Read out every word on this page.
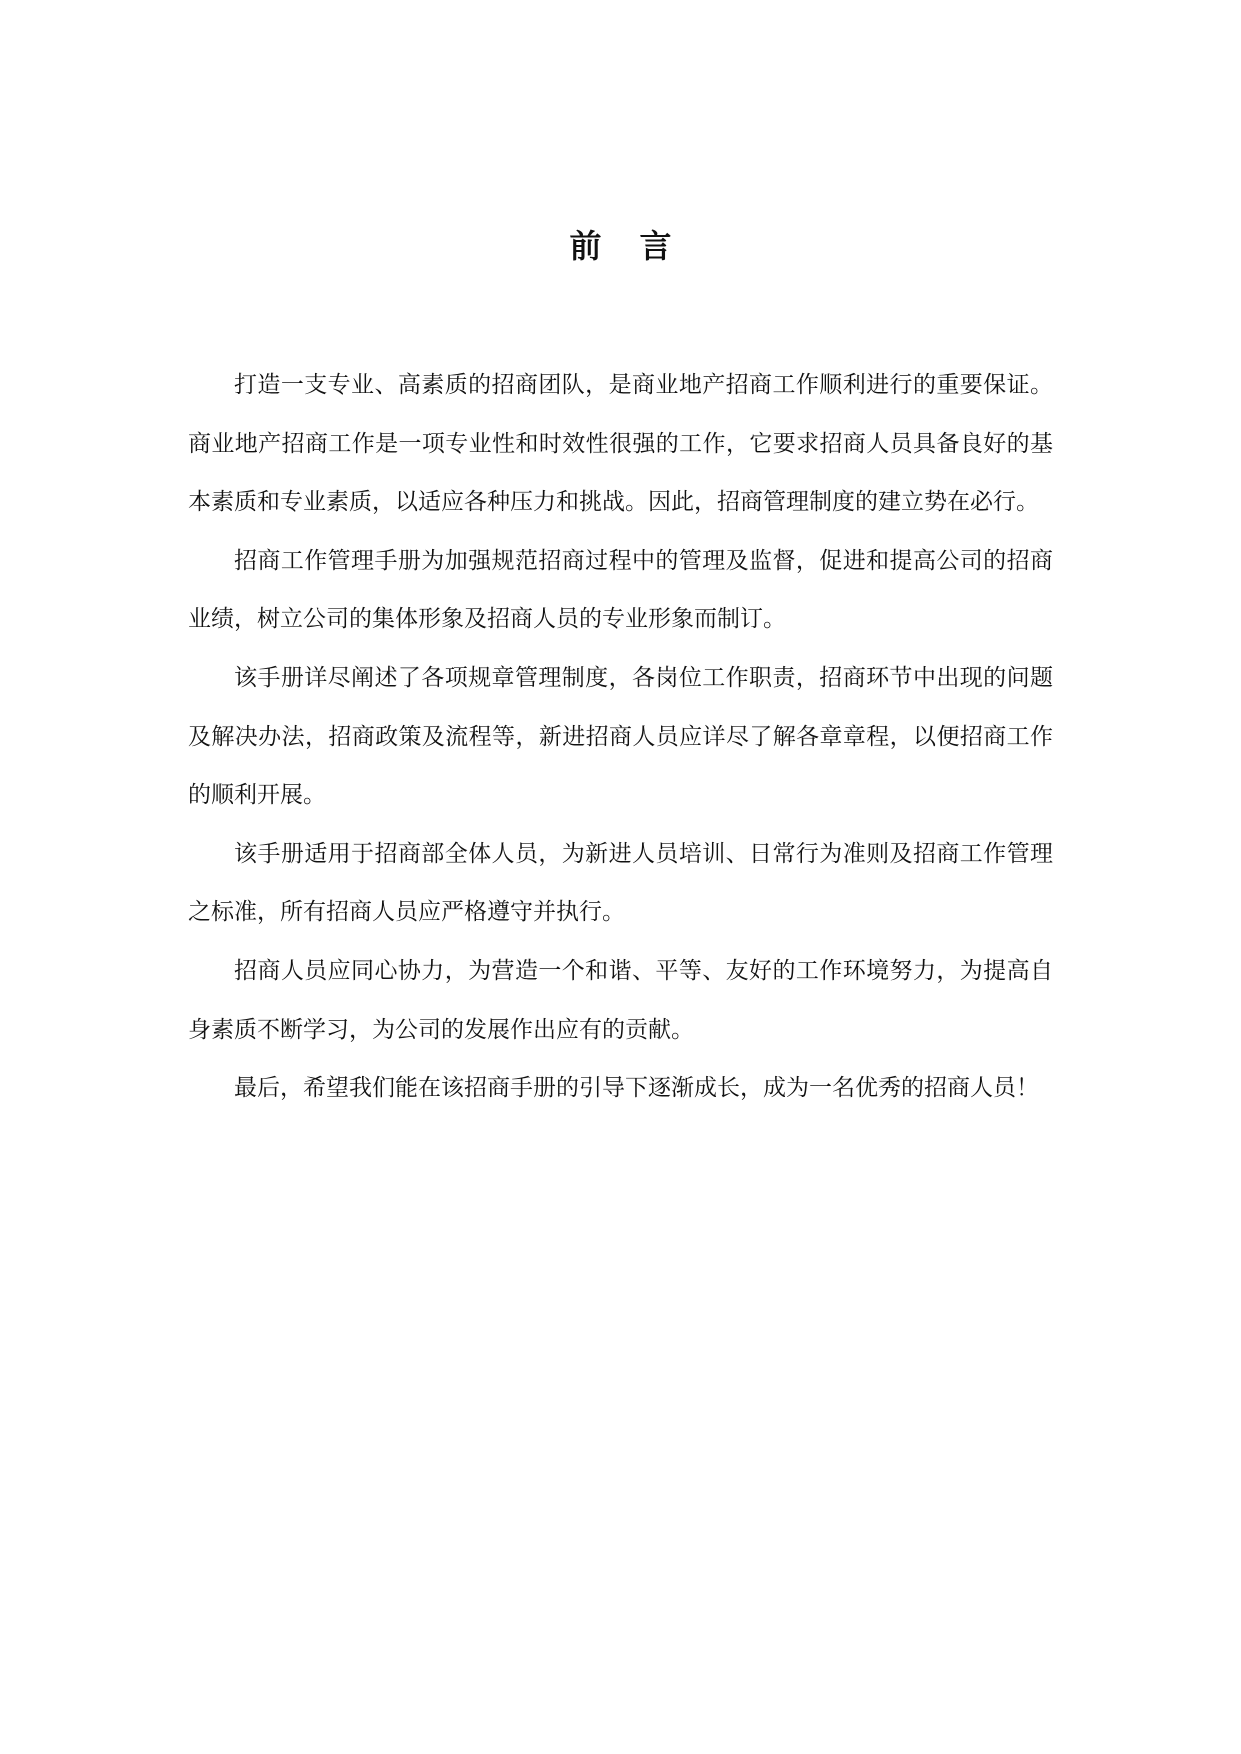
前 言

打造一支专业、高素质的招商团队，是商业地产招商工作顺利进行的重要保证。商业地产招商工作是一项专业性和时效性很强的工作，它要求招商人员具备良好的基本素质和专业素质，以适应各种压力和挑战。因此，招商管理制度的建立势在必行。

招商工作管理手册为加强规范招商过程中的管理及监督，促进和提高公司的招商业绩，树立公司的集体形象及招商人员的专业形象而制订。

该手册详尽阐述了各项规章管理制度，各岗位工作职责，招商环节中出现的问题及解决办法，招商政策及流程等，新进招商人员应详尽了解各章章程，以便招商工作的顺利开展。

该手册适用于招商部全体人员，为新进人员培训、日常行为准则及招商工作管理之标准，所有招商人员应严格遵守并执行。

招商人员应同心协力，为营造一个和谐、平等、友好的工作环境努力，为提高自身素质不断学习，为公司的发展作出应有的贡献。

最后，希望我们能在该招商手册的引导下逐渐成长，成为一名优秀的招商人员！
